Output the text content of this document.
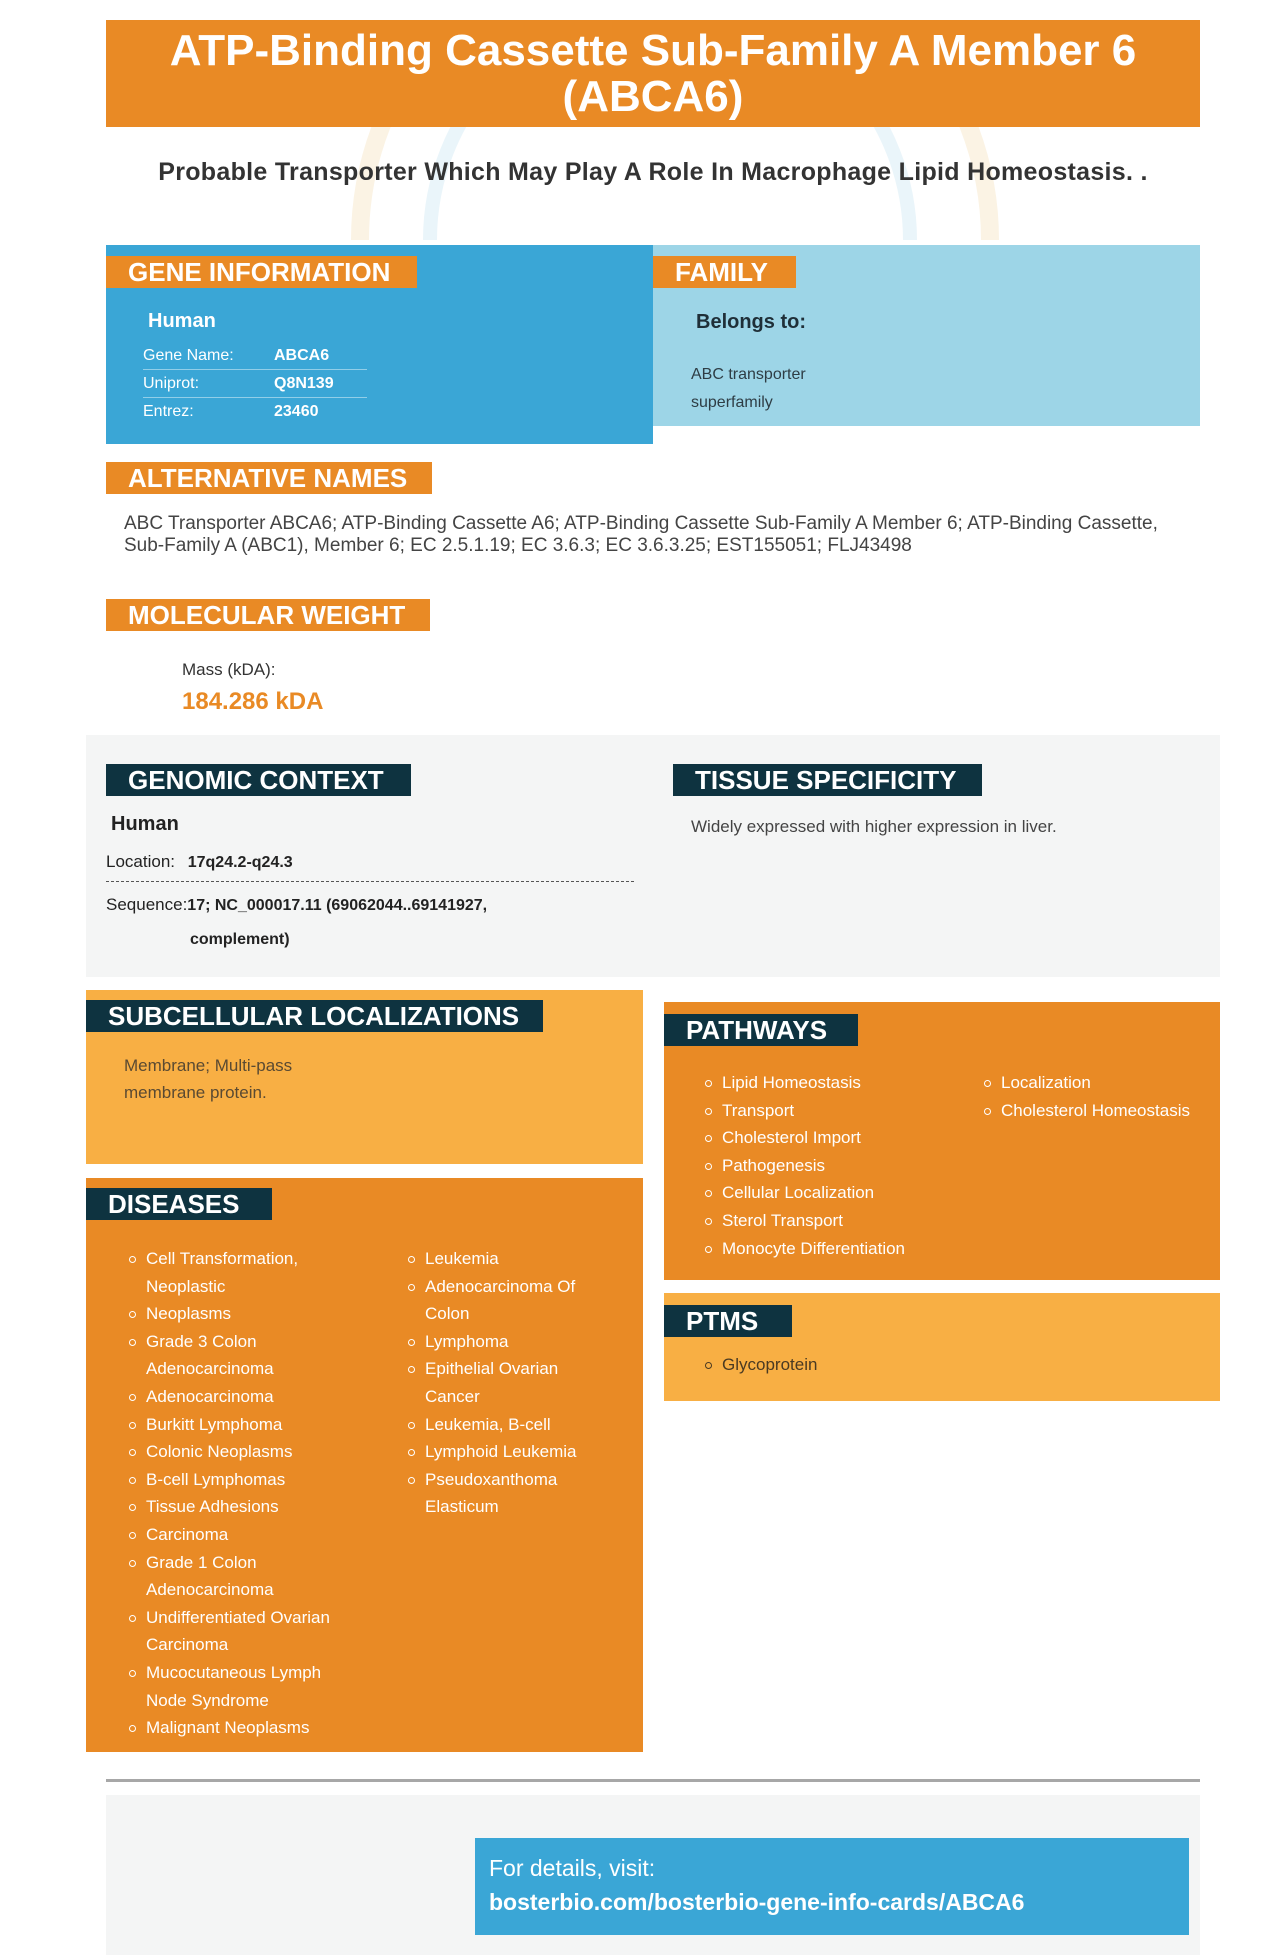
ATP-Binding Cassette Sub-Family A Member 6 (ABCA6)
Probable Transporter Which May Play A Role In Macrophage Lipid Homeostasis. .
Human
Gene Name:	ABCA6
Uniprot:	Q8N139
Entrez:	23460
GENE INFORMATION
Belongs to:
ABC transporter superfamily
FAMILY
ALTERNATIVE NAMES
ABC Transporter ABCA6; ATP-Binding Cassette A6; ATP-Binding Cassette Sub-Family A Member 6; ATP-Binding Cassette, Sub-Family A (ABC1), Member 6; EC 2.5.1.19; EC 3.6.3; EC 3.6.3.25; EST155051; FLJ43498
MOLECULAR WEIGHT
Mass (kDA):
184.286 kDA
GENOMIC CONTEXT
Human
Location: 17q24.2-q24.3
Sequence:17; NC_000017.11 (69062044..69141927,
complement)
TISSUE SPECIFICITY
Widely expressed with higher expression in liver.
Membrane; Multi-pass membrane protein.
SUBCELLULAR LOCALIZATIONS
Cell Transformation, Neoplastic
Neoplasms
Grade 3 Colon Adenocarcinoma
Adenocarcinoma
Burkitt Lymphoma
Colonic Neoplasms
B-cell Lymphomas
Tissue Adhesions
Carcinoma
Grade 1 Colon Adenocarcinoma
Undifferentiated Ovarian Carcinoma
Mucocutaneous Lymph Node Syndrome
Malignant Neoplasms
Leukemia
Adenocarcinoma Of Colon
Lymphoma
Epithelial Ovarian Cancer
Leukemia, B-cell
Lymphoid Leukemia
Pseudoxanthoma Elasticum
DISEASES
Lipid Homeostasis
Transport
Cholesterol Import
Pathogenesis
Cellular Localization
Sterol Transport
Monocyte Differentiation
Localization
Cholesterol Homeostasis
PATHWAYS
Glycoprotein
PTMS
For details, visit:
bosterbio.com/bosterbio-gene-info-cards/ABCA6
